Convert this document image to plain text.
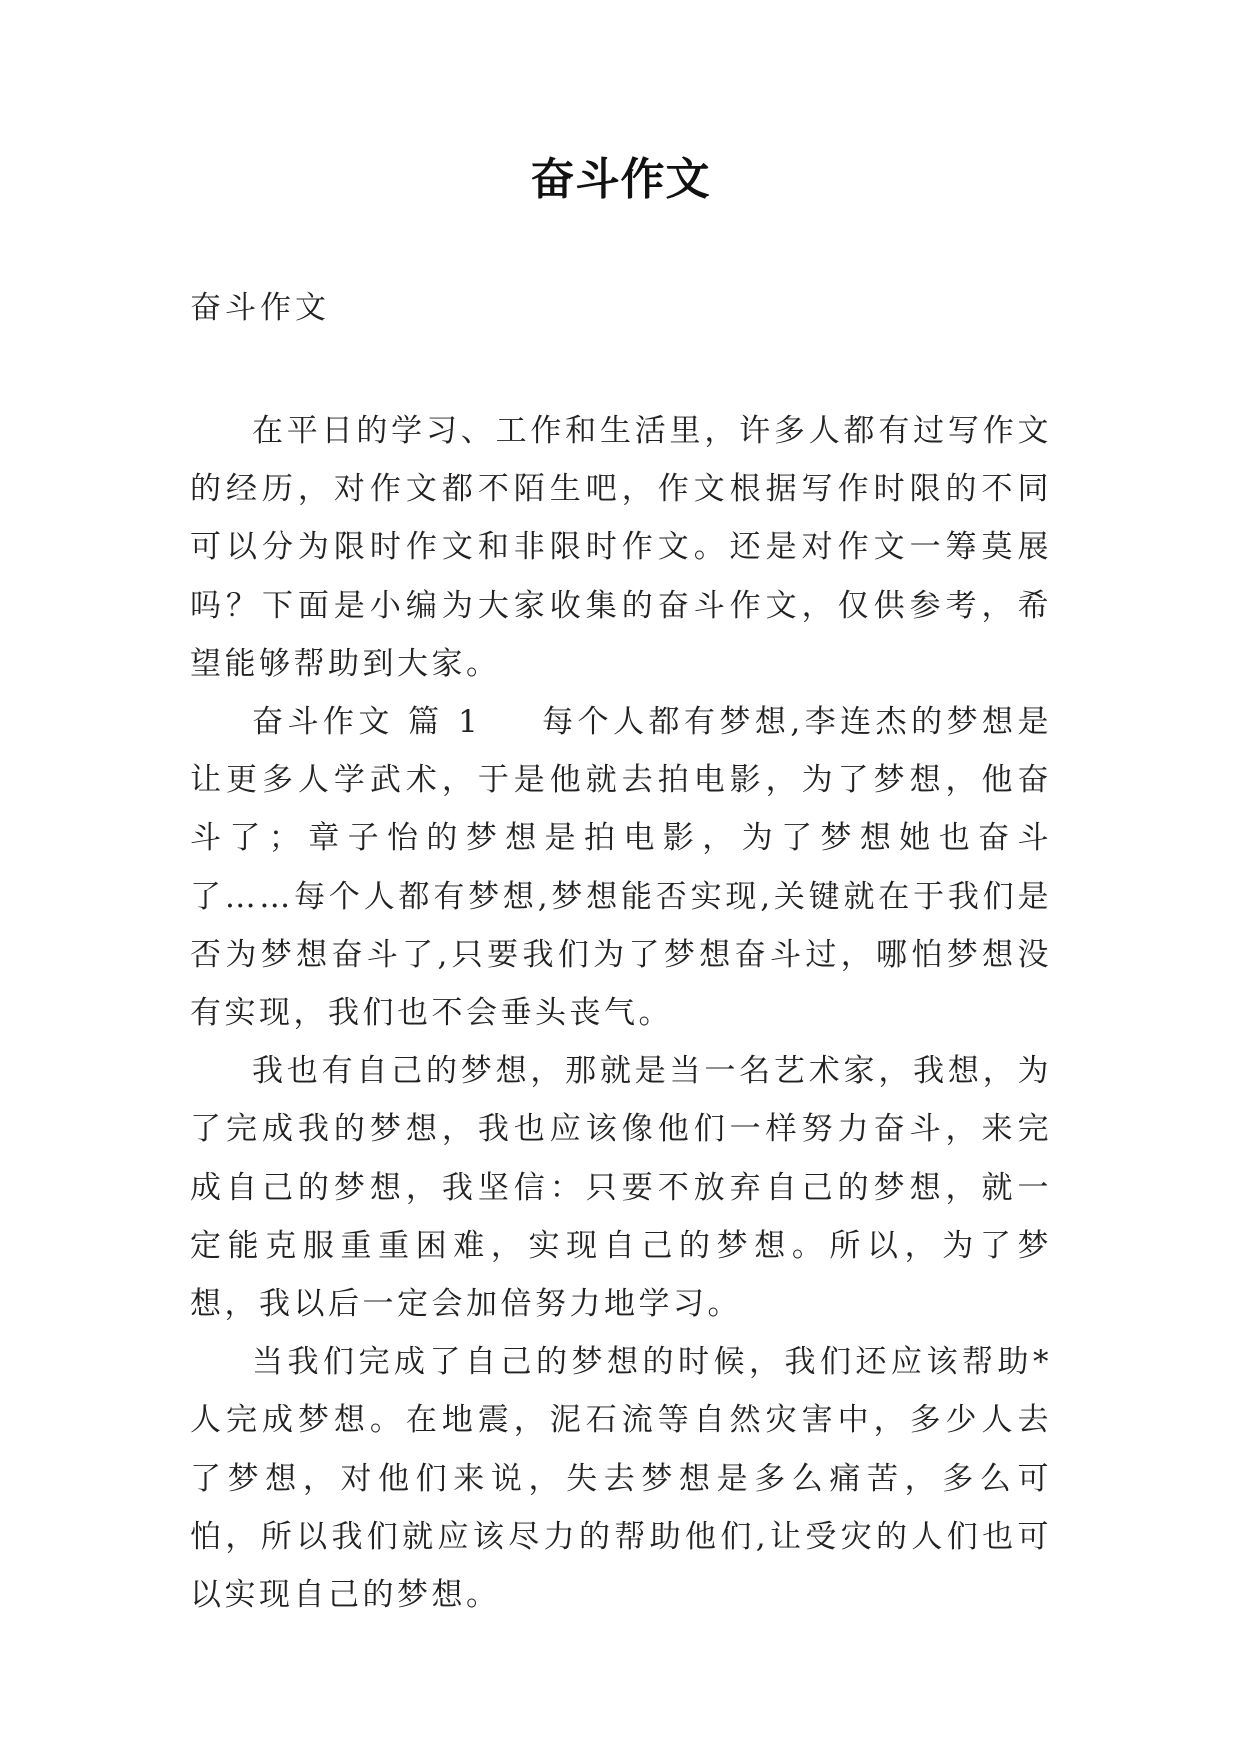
奋斗作文
奋斗作文

在平日的学习、工作和生活里，许多人都有过写作文的经历，对作文都不陌生吧，作文根据写作时限的不同可以分为限时作文和非限时作文。还是对作文一筹莫展吗？下面是小编为大家收集的奋斗作文，仅供参考，希望能够帮助到大家。

奋斗作文 篇 1 每个人都有梦想,李连杰的梦想是让更多人学武术，于是他就去拍电影，为了梦想，他奋斗了；章子怡的梦想是拍电影，为了梦想她也奋斗了……每个人都有梦想,梦想能否实现,关键就在于我们是否为梦想奋斗了,只要我们为了梦想奋斗过，哪怕梦想没有实现，我们也不会垂头丧气。

我也有自己的梦想，那就是当一名艺术家，我想，为了完成我的梦想，我也应该像他们一样努力奋斗，来完成自己的梦想，我坚信：只要不放弃自己的梦想，就一定能克服重重困难，实现自己的梦想。所以，为了梦想，我以后一定会加倍努力地学习。

当我们完成了自己的梦想的时候，我们还应该帮助*人完成梦想。在地震，泥石流等自然灾害中，多少人去了梦想，对他们来说，失去梦想是多么痛苦，多么可怕，所以我们就应该尽力的帮助他们,让受灾的人们也可以实现自己的梦想。
